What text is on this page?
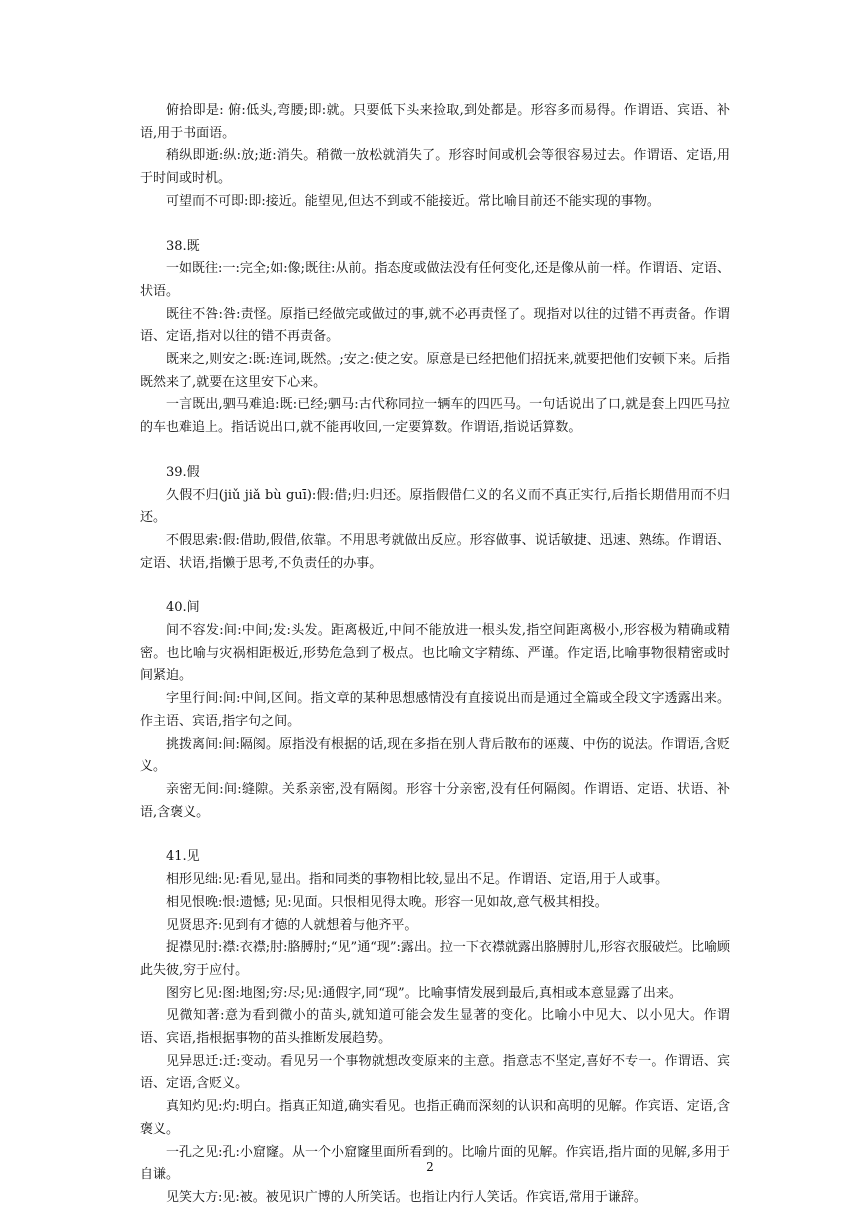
俯拾即是: 俯:低头,弯腰;即:就。只要低下头来捡取,到处都是。形容多而易得。作谓语、宾语、补语,用于书面语。

稍纵即逝:纵:放;逝:消失。稍微一放松就消失了。形容时间或机会等很容易过去。作谓语、定语,用于时间或时机。

可望而不可即:即:接近。能望见,但达不到或不能接近。常比喻目前还不能实现的事物。

38.既

一如既往:一:完全;如:像;既往:从前。指态度或做法没有任何变化,还是像从前一样。作谓语、定语、状语。

既往不咎:咎:责怪。原指已经做完或做过的事,就不必再责怪了。现指对以往的过错不再责备。作谓语、定语,指对以往的错不再责备。

既来之,则安之:既:连词,既然。;安之:使之安。原意是已经把他们招抚来,就要把他们安顿下来。后指既然来了,就要在这里安下心来。

一言既出,驷马难追:既:已经;驷马:古代称同拉一辆车的四匹马。一句话说出了口,就是套上四匹马拉的车也难追上。指话说出口,就不能再收回,一定要算数。作谓语,指说话算数。

39.假

久假不归(jiǔ jiǎ bù guī):假:借;归:归还。原指假借仁义的名义而不真正实行,后指长期借用而不归还。

不假思索:假:借助,假借,依靠。不用思考就做出反应。形容做事、说话敏捷、迅速、熟练。作谓语、定语、状语,指懒于思考,不负责任的办事。

40.间

间不容发:间:中间;发:头发。距离极近,中间不能放进一根头发,指空间距离极小,形容极为精确或精密。也比喻与灾祸相距极近,形势危急到了极点。也比喻文字精练、严谨。作定语,比喻事物很精密或时间紧迫。

字里行间:间:中间,区间。指文章的某种思想感情没有直接说出而是通过全篇或全段文字透露出来。作主语、宾语,指字句之间。

挑拨离间:间:隔阂。原指没有根据的话,现在多指在别人背后散布的诬蔑、中伤的说法。作谓语,含贬义。

亲密无间:间:缝隙。关系亲密,没有隔阂。形容十分亲密,没有任何隔阂。作谓语、定语、状语、补语,含褒义。

41.见

相形见绌:见:看见,显出。指和同类的事物相比较,显出不足。作谓语、定语,用于人或事。

相见恨晚:恨:遗憾; 见:见面。只恨相见得太晚。形容一见如故,意气极其相投。

见贤思齐:见到有才德的人就想着与他齐平。

捉襟见肘:襟:衣襟;肘:胳膊肘;“见”通“现”:露出。拉一下衣襟就露出胳膊肘儿,形容衣服破烂。比喻顾此失彼,穷于应付。

图穷匕见:图:地图;穷:尽;见:通假字,同“现”。比喻事情发展到最后,真相或本意显露了出来。

见微知著:意为看到微小的苗头,就知道可能会发生显著的变化。比喻小中见大、以小见大。作谓语、宾语,指根据事物的苗头推断发展趋势。

见异思迁:迁:变动。看见另一个事物就想改变原来的主意。指意志不坚定,喜好不专一。作谓语、宾语、定语,含贬义。

真知灼见:灼:明白。指真正知道,确实看见。也指正确而深刻的认识和高明的见解。作宾语、定语,含褒义。

一孔之见:孔:小窟窿。从一个小窟窿里面所看到的。比喻片面的见解。作宾语,指片面的见解,多用于自谦。

见笑大方:见:被。被见识广博的人所笑话。也指让内行人笑话。作宾语,常用于谦辞。

2
